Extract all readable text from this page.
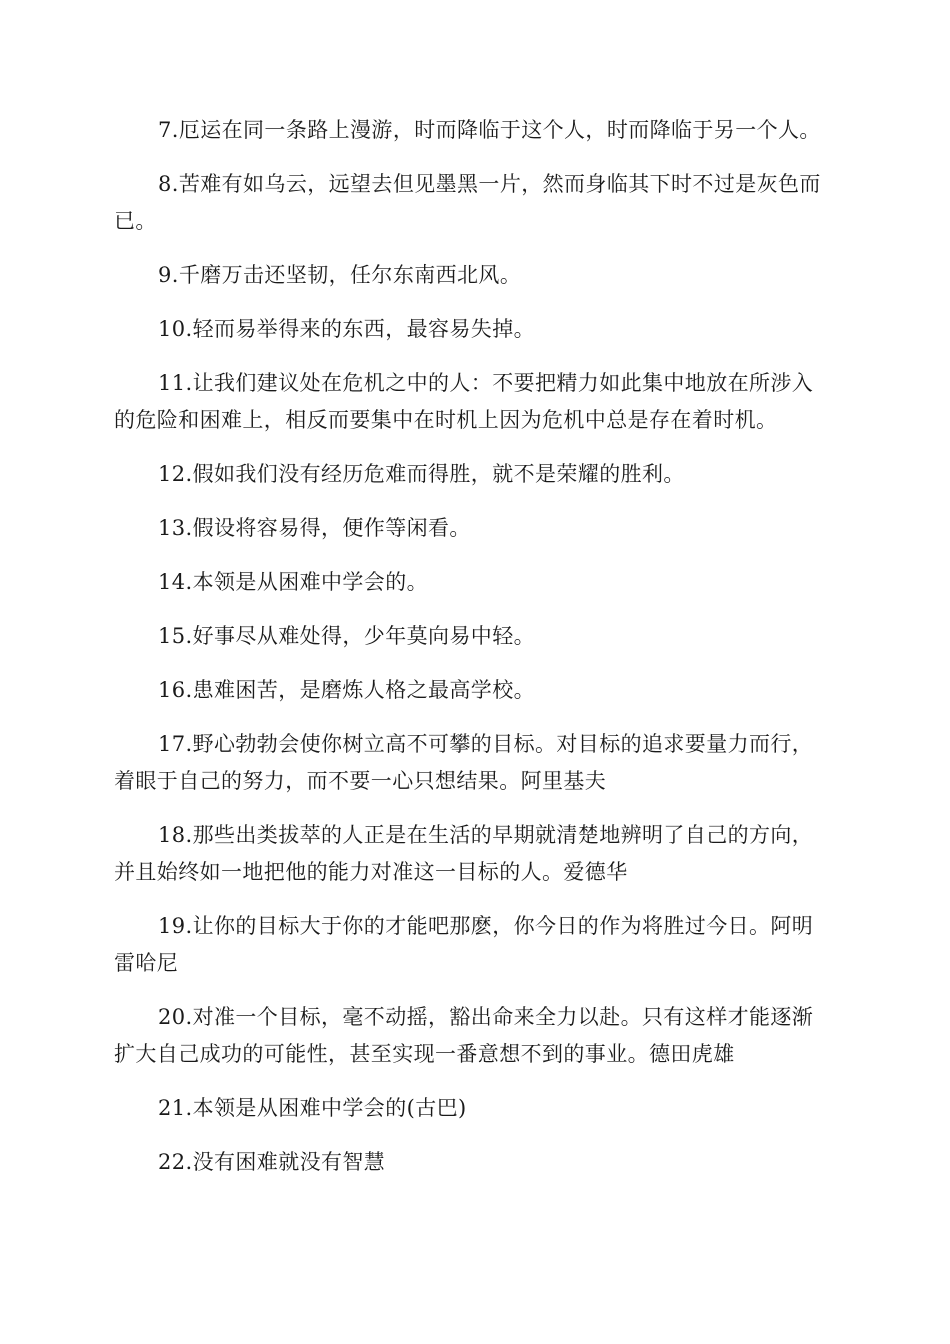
7.厄运在同一条路上漫游，时而降临于这个人，时而降临于另一个人。

8.苦难有如乌云，远望去但见墨黑一片，然而身临其下时不过是灰色而已。

9.千磨万击还坚韧，任尔东南西北风。

10.轻而易举得来的东西，最容易失掉。

11.让我们建议处在危机之中的人：不要把精力如此集中地放在所涉入的危险和困难上，相反而要集中在时机上因为危机中总是存在着时机。

12.假如我们没有经历危难而得胜，就不是荣耀的胜利。

13.假设将容易得，便作等闲看。

14.本领是从困难中学会的。

15.好事尽从难处得，少年莫向易中轻。

16.患难困苦，是磨炼人格之最高学校。

17.野心勃勃会使你树立高不可攀的目标。对目标的追求要量力而行，着眼于自己的努力，而不要一心只想结果。阿里基夫

18.那些出类拔萃的人正是在生活的早期就清楚地辨明了自己的方向，并且始终如一地把他的能力对准这一目标的人。爱德华

19.让你的目标大于你的才能吧那麽，你今日的作为将胜过今日。阿明雷哈尼

20.对准一个目标，毫不动摇，豁出命来全力以赴。只有这样才能逐渐扩大自己成功的可能性，甚至实现一番意想不到的事业。德田虎雄

21.本领是从困难中学会的(古巴)

22.没有困难就没有智慧
